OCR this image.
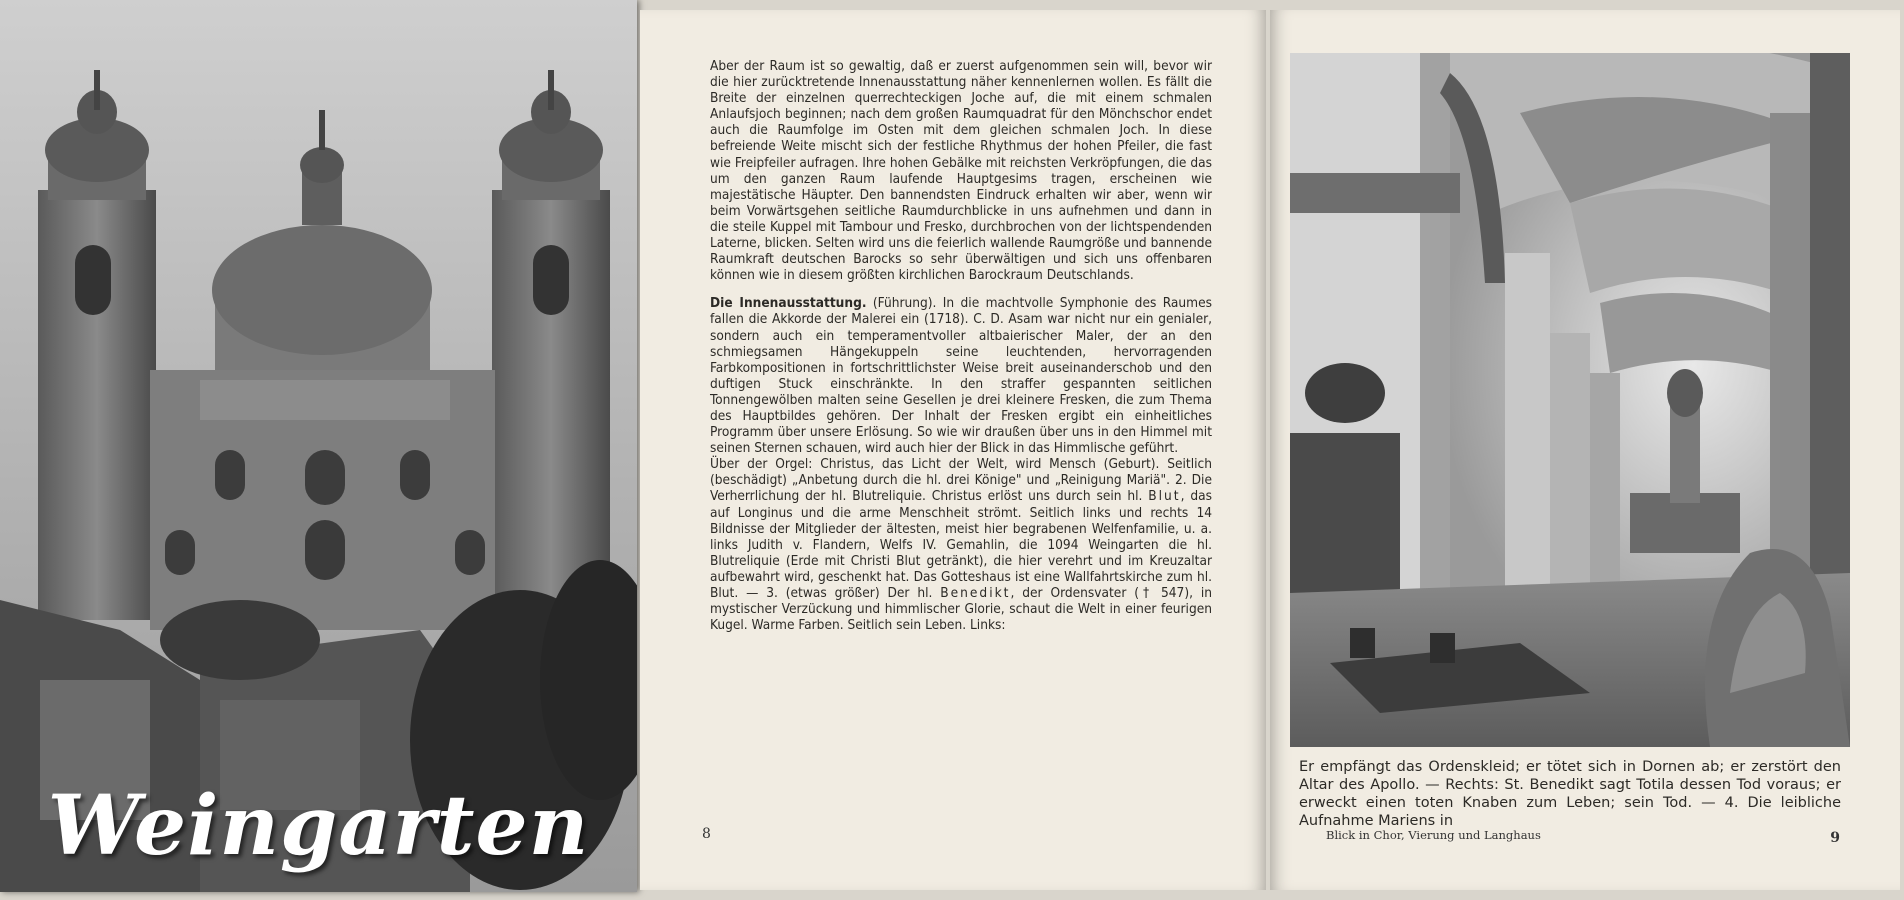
Weingarten

Aber der Raum ist so gewaltig, daß er zuerst aufgenommen sein will, bevor wir die hier zurücktretende Innenausstattung näher kennenlernen wollen. Es fällt die Breite der einzelnen querrechteckigen Joche auf, die mit einem schmalen Anlaufsjoch beginnen; nach dem großen Raumquadrat für den Mönchschor endet auch die Raumfolge im Osten mit dem gleichen schmalen Joch. In diese befreiende Weite mischt sich der festliche Rhythmus der hohen Pfeiler, die fast wie Freipfeiler aufragen. Ihre hohen Gebälke mit reichsten Verkröpfungen, die das um den ganzen Raum laufende Hauptgesims tragen, erscheinen wie majestätische Häupter. Den bannendsten Eindruck erhalten wir aber, wenn wir beim Vorwärtsgehen seitliche Raumdurchblicke in uns aufnehmen und dann in die steile Kuppel mit Tambour und Fresko, durchbrochen von der lichtspendenden Laterne, blicken. Selten wird uns die feierlich wallende Raumgröße und bannende Raumkraft deutschen Barocks so sehr überwältigen und sich uns offenbaren können wie in diesem größten kirchlichen Barockraum Deutschlands.

Die Innenausstattung. (Führung). In die machtvolle Symphonie des Raumes fallen die Akkorde der Malerei ein (1718). C. D. Asam war nicht nur ein genialer, sondern auch ein temperamentvoller altbaierischer Maler, der an den schmiegsamen Hängekuppeln seine leuchtenden, hervorragenden Farbkompositionen in fortschrittlichster Weise breit auseinanderschob und den duftigen Stuck einschränkte. In den straffer gespannten seitlichen Tonnengewölben malten seine Gesellen je drei kleinere Fresken, die zum Thema des Hauptbildes gehören. Der Inhalt der Fresken ergibt ein einheitliches Programm über unsere Erlösung. So wie wir draußen über uns in den Himmel mit seinen Sternen schauen, wird auch hier der Blick in das Himmlische geführt.

Über der Orgel: Christus, das Licht der Welt, wird Mensch (Geburt). Seitlich (beschädigt) „Anbetung durch die hl. drei Könige" und „Reinigung Mariä". 2. Die Verherrlichung der hl. Blutreliquie. Christus erlöst uns durch sein hl. Blut, das auf Longinus und die arme Menschheit strömt. Seitlich links und rechts 14 Bildnisse der Mitglieder der ältesten, meist hier begrabenen Welfenfamilie, u. a. links Judith v. Flandern, Welfs IV. Gemahlin, die 1094 Weingarten die hl. Blutreliquie (Erde mit Christi Blut getränkt), die hier verehrt und im Kreuzaltar aufbewahrt wird, geschenkt hat. Das Gotteshaus ist eine Wallfahrtskirche zum hl. Blut. — 3. (etwas größer) Der hl. Benedikt, der Ordensvater († 547), in mystischer Verzückung und himmlischer Glorie, schaut die Welt in einer feurigen Kugel. Warme Farben. Seitlich sein Leben. Links:

8
Er empfängt das Ordenskleid; er tötet sich in Dornen ab; er zerstört den Altar des Apollo. — Rechts: St. Benedikt sagt Totila dessen Tod voraus; er erweckt einen toten Knaben zum Leben; sein Tod. — 4. Die leibliche Aufnahme Mariens in
Blick in Chor, Vierung und Langhaus	9
